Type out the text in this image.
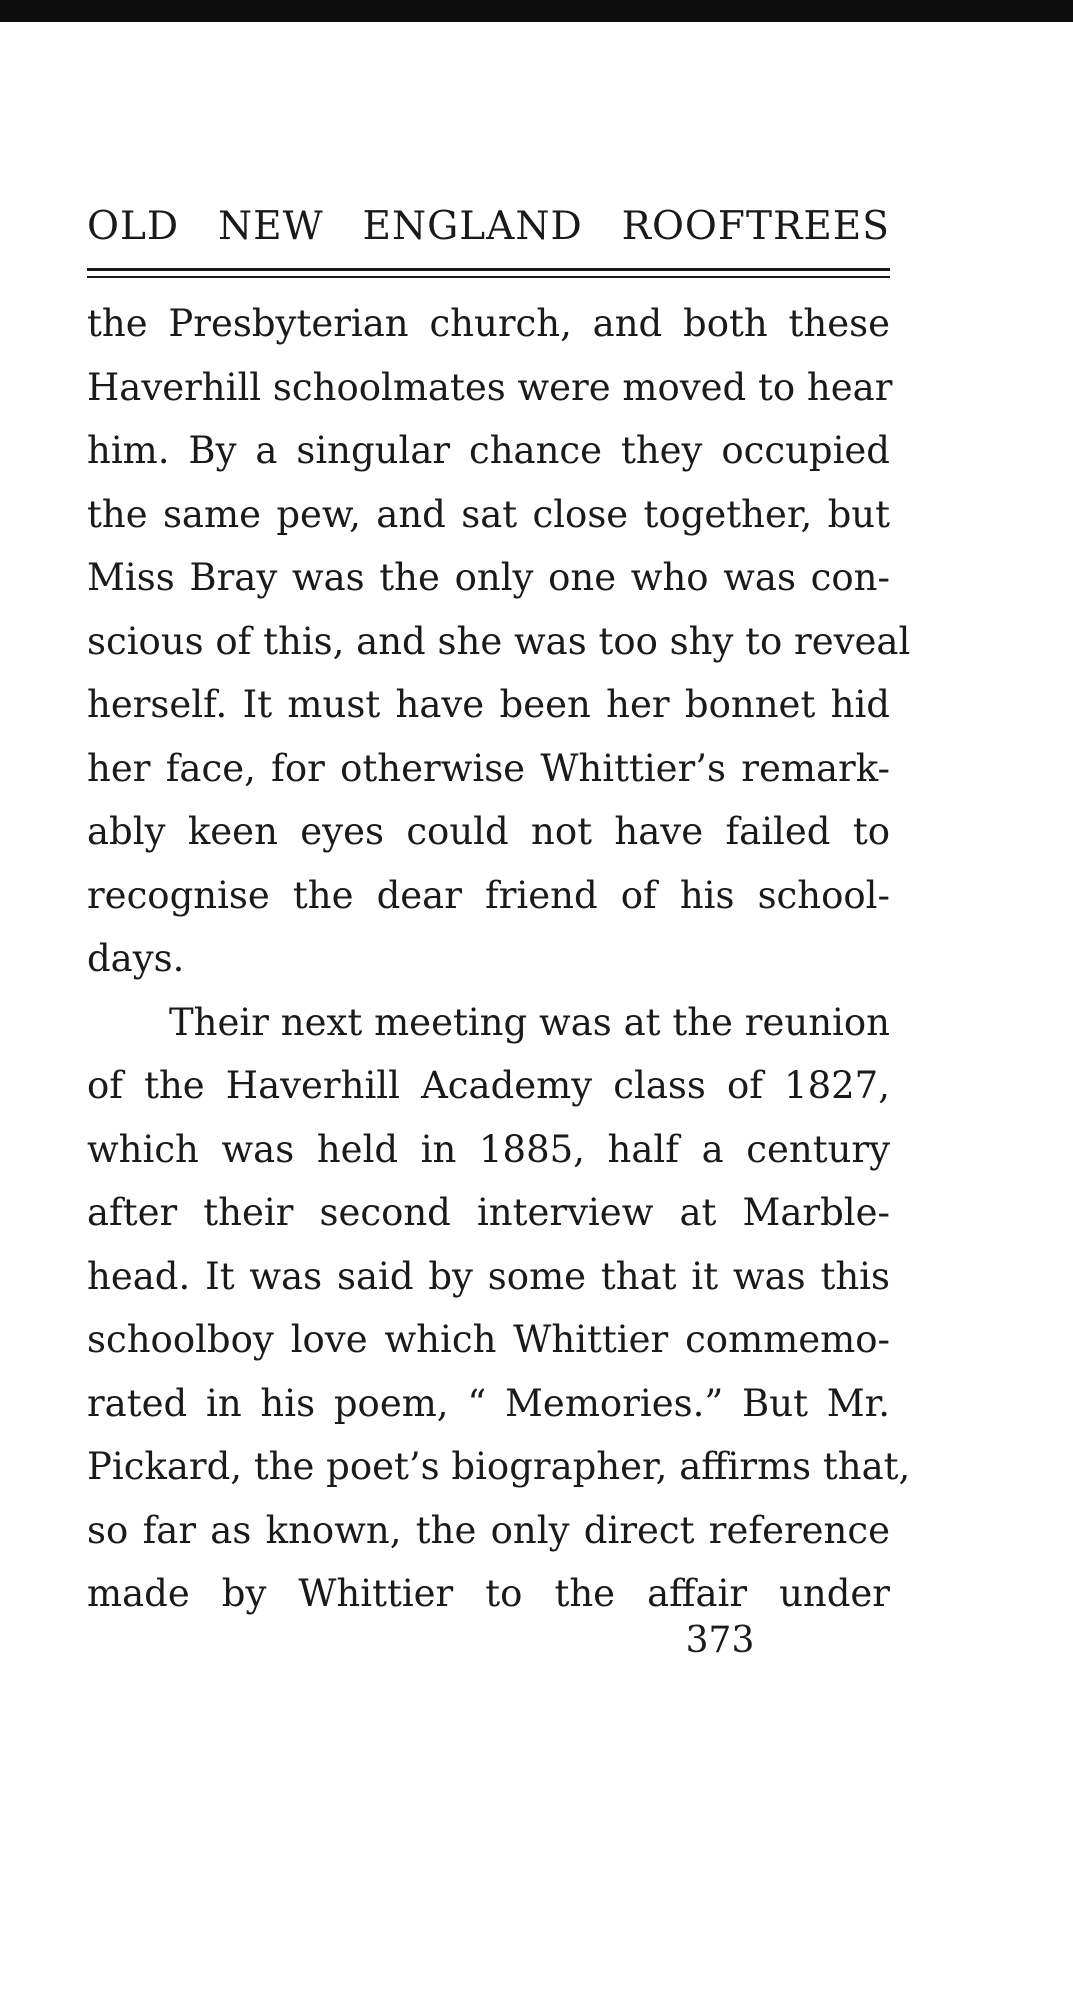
OLD NEW ENGLAND ROOFTREES
the Presbyterian church, and both these
Haverhill schoolmates were moved to hear
him. By a singular chance they occupied
the same pew, and sat close together, but
Miss Bray was the only one who was con-
scious of this, and she was too shy to reveal
herself. It must have been her bonnet hid
her face, for otherwise Whittier’s remark-
ably keen eyes could not have failed to
recognise the dear friend of his school-
days.
Their next meeting was at the reunion
of the Haverhill Academy class of 1827,
which was held in 1885, half a century
after their second interview at Marble-
head. It was said by some that it was this
schoolboy love which Whittier commemo-
rated in his poem, “ Memories.” But Mr.
Pickard, the poet’s biographer, affirms that,
so far as known, the only direct reference
made by Whittier to the affair under
373
